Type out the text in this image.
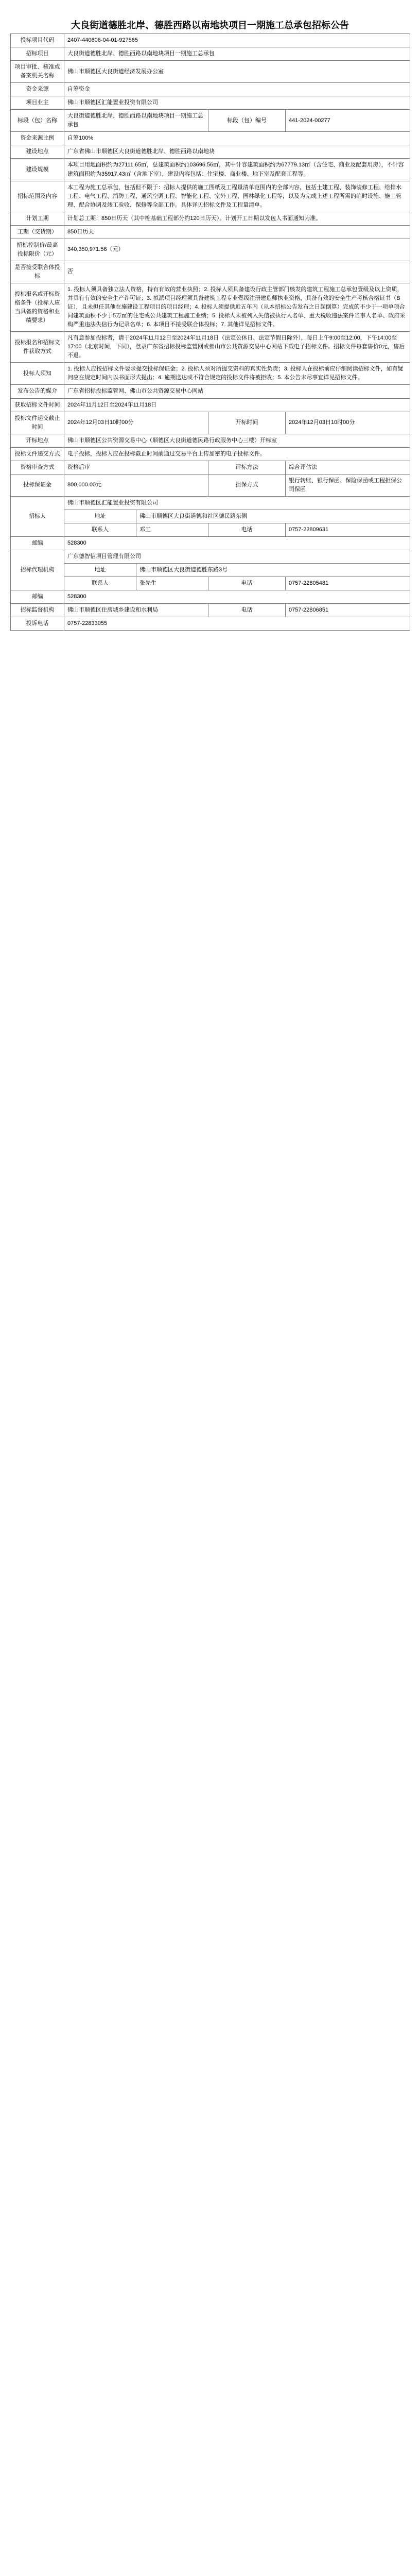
大良街道德胜北岸、德胜西路以南地块项目一期施工总承包招标公告
投标项目代码	2407-440606-04-01-927565			
招标项目	大良街道德胜北岸、德胜西路以南地块项目一期施工总承包			
项目审批、核准或备案机关名称	佛山市顺德区大良街道经济发展办公室			
资金来源	自筹资金			
项目业主	佛山市顺德区汇能置业投资有限公司			
标段（包）名称	大良街道德胜北岸、德胜西路以南地块项目一期施工总承包		标段（包）编号	441-2024-00277
资金来源比例	自筹100%			
建设地点	广东省佛山市顺德区大良街道德胜北岸、德胜西路以南地块			
建设规模	本项目用地面积约为27111.65㎡，总建筑面积约103696.56㎡，其中计容建筑面积约为67779.13㎡（含住宅、商业及配套用房），不计容建筑面积约为35917.43㎡（含地下室），建设内容包括：住宅楼、商业楼、地下室及配套工程等。			
招标范围及内容	本工程为施工总承包，包括但不限于：招标人提供的施工图纸及工程量清单范围内的全部内容，包括土建工程、装饰装修工程、给排水工程、电气工程、消防工程、通风空调工程、智能化工程、室外工程、园林绿化工程等，以及为完成上述工程所需的临时设施、施工管理、配合协调及竣工验收、保修等全部工作。具体详见招标文件及工程量清单。			
计划工期	计划总工期：850日历天（其中桩基础工程部分约120日历天）。计划开工日期以发包人书面通知为准。			
工期（交货期）	850日历天			
招标控制价/最高投标限价（元）	340,350,971.56（元）			
是否接受联合体投标	否			
投标报名或开标资格条件（投标人应当具备的资格和业绩要求）	1. 投标人须具备独立法人资格，持有有效的营业执照；2. 投标人须具备建设行政主管部门核发的建筑工程施工总承包壹级及以上资质，并具有有效的安全生产许可证；3. 拟派项目经理须具备建筑工程专业壹级注册建造师执业资格，具备有效的安全生产考核合格证书（B证），且未担任其他在施建设工程项目的项目经理；4. 投标人须提供近五年内（从本招标公告发布之日起倒算）完成的不少于一项单项合同建筑面积不少于5万㎡的住宅或公共建筑工程施工业绩；5. 投标人未被列入失信被执行人名单、重大税收违法案件当事人名单、政府采购严重违法失信行为记录名单；6. 本项目不接受联合体投标；7. 其他详见招标文件。			
投标报名和招标文件获取方式	凡有意参加投标者，请于2024年11月12日至2024年11月18日（法定公休日、法定节假日除外），每日上午9:00至12:00，下午14:00至17:00（北京时间，下同），登录广东省招标投标监管网或佛山市公共资源交易中心网站下载电子招标文件。招标文件每套售价0元，售后不退。			
投标人须知	1. 投标人应按招标文件要求提交投标保证金；2. 投标人须对所提交资料的真实性负责；3. 投标人在投标前应仔细阅读招标文件，如有疑问应在规定时间内以书面形式提出；4. 逾期送达或不符合规定的投标文件将被拒收；5. 本公告未尽事宜详见招标文件。			
发布公告的媒介	广东省招标投标监管网、佛山市公共资源交易中心网站			
获取招标文件时间	2024年11月12日至2024年11月18日			
投标文件递交截止时间	2024年12月03日10时00分		开标时间	2024年12月03日10时00分
开标地点	佛山市顺德区公共资源交易中心（顺德区大良街道德民路行政服务中心三楼）开标室			
投标文件递交方式	电子投标，投标人应在投标截止时间前通过交易平台上传加密的电子投标文件。			
资格审查方式	资格后审		评标方法	综合评估法
投标保证金	800,000.00元		担保方式	银行转账、银行保函、保险保函或工程担保公司保函
招标人	佛山市顺德区汇能置业投资有限公司			
	地址	佛山市顺德区大良街道德和社区德民路东侧		
	联系人	邓工	电话	0757-22809631
邮编	528300			
招标代理机构	广东德智信项目管理有限公司			
	地址	佛山市顺德区大良街道德胜东路3号		
	联系人	张先生	电话	0757-22805481
邮编	528300			
招标监督机构	佛山市顺德区住房城乡建设和水利局		电话	0757-22806851
投诉电话	0757-22833055			
